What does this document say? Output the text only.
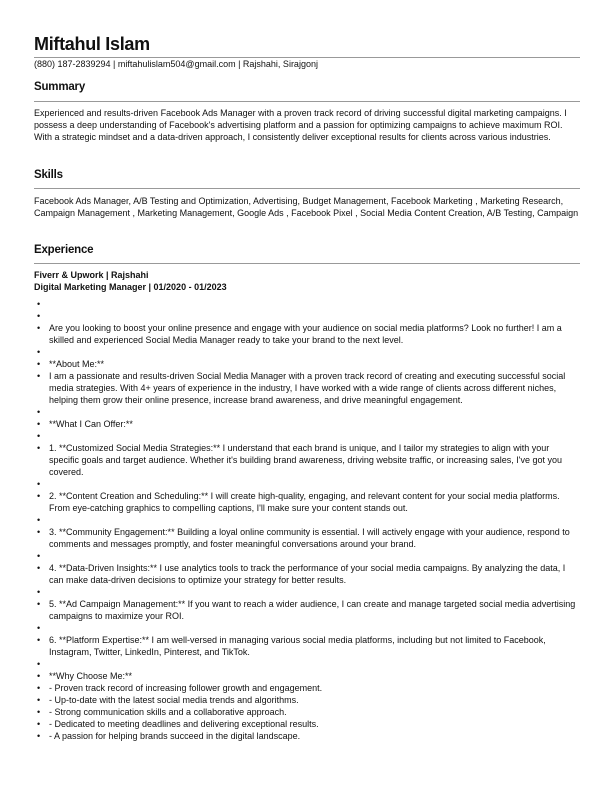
Miftahul Islam
(880) 187-2839294 | miftahulislam504@gmail.com | Rajshahi, Sirajgonj
Summary
Experienced and results-driven Facebook Ads Manager with a proven track record of driving successful digital marketing campaigns. I possess a deep understanding of Facebook's advertising platform and a passion for optimizing campaigns to achieve maximum ROI. With a strategic mindset and a data-driven approach, I consistently deliver exceptional results for clients across various industries.
Skills
Facebook Ads Manager, A/B Testing and Optimization, Advertising, Budget Management, Facebook Marketing , Marketing Research, Campaign Management , Marketing Management, Google Ads , Facebook Pixel , Social Media Content Creation, A/B Testing, Campaign
Experience
Fiverr & Upwork | Rajshahi
Digital Marketing Manager | 01/2020 - 01/2023
•
•
• Are you looking to boost your online presence and engage with your audience on social media platforms? Look no further! I am a skilled and experienced Social Media Manager ready to take your brand to the next level.
•
• **About Me:**
• I am a passionate and results-driven Social Media Manager with a proven track record of creating and executing successful social media strategies. With 4+ years of experience in the industry, I have worked with a wide range of clients across different niches, helping them grow their online presence, increase brand awareness, and drive meaningful engagement.
•
• **What I Can Offer:**
•
• 1. **Customized Social Media Strategies:** I understand that each brand is unique, and I tailor my strategies to align with your specific goals and target audience. Whether it's building brand awareness, driving website traffic, or increasing sales, I've got you covered.
•
• 2. **Content Creation and Scheduling:** I will create high-quality, engaging, and relevant content for your social media platforms. From eye-catching graphics to compelling captions, I'll make sure your content stands out.
•
• 3. **Community Engagement:** Building a loyal online community is essential. I will actively engage with your audience, respond to comments and messages promptly, and foster meaningful conversations around your brand.
•
• 4. **Data-Driven Insights:** I use analytics tools to track the performance of your social media campaigns. By analyzing the data, I can make data-driven decisions to optimize your strategy for better results.
•
• 5. **Ad Campaign Management:** If you want to reach a wider audience, I can create and manage targeted social media advertising campaigns to maximize your ROI.
•
• 6. **Platform Expertise:** I am well-versed in managing various social media platforms, including but not limited to Facebook, Instagram, Twitter, LinkedIn, Pinterest, and TikTok.
•
• **Why Choose Me:**
• - Proven track record of increasing follower growth and engagement.
• - Up-to-date with the latest social media trends and algorithms.
• - Strong communication skills and a collaborative approach.
• - Dedicated to meeting deadlines and delivering exceptional results.
• - A passion for helping brands succeed in the digital landscape.
